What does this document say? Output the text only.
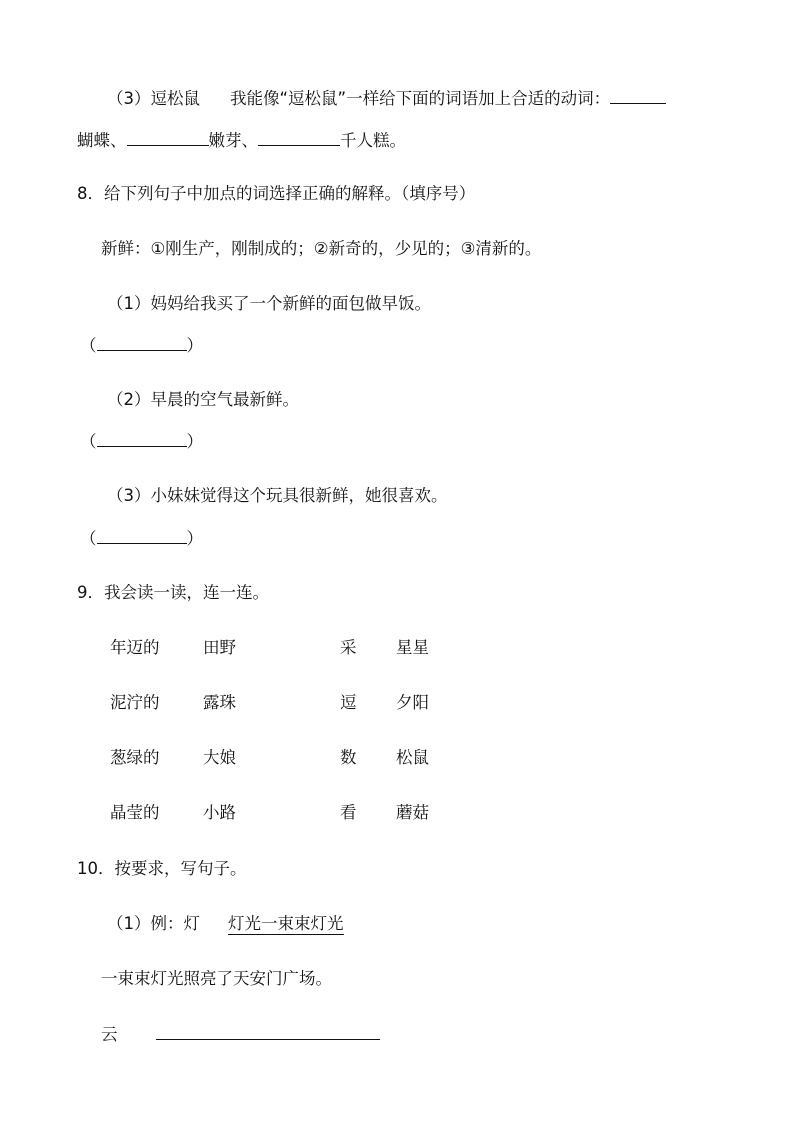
（3）逗松鼠 我能像“逗松鼠”一样给下面的词语加上合适的动词：
蝴蝶、	嫩芽、	千人糕。
8．给下列句子中加点的词选择正确的解释。（填序号）
新鲜：①刚生产，刚制成的；②新奇的，少见的；③清新的。
（1）妈妈给我买了一个新鲜的面包做早饭。
（	）
（2）早晨的空气最新鲜。
（	）
（3）小妹妹觉得这个玩具很新鲜，她很喜欢。
（	）
9．我会读一读，连一连。
年迈的	田野	采 星星
泥泞的	露珠	逗 夕阳
葱绿的	大娘	数 松鼠
晶莹的	小路	看 蘑菇
10．按要求，写句子。
（1）例：灯 灯光一束束灯光
一束束灯光照亮了天安门广场。
云
